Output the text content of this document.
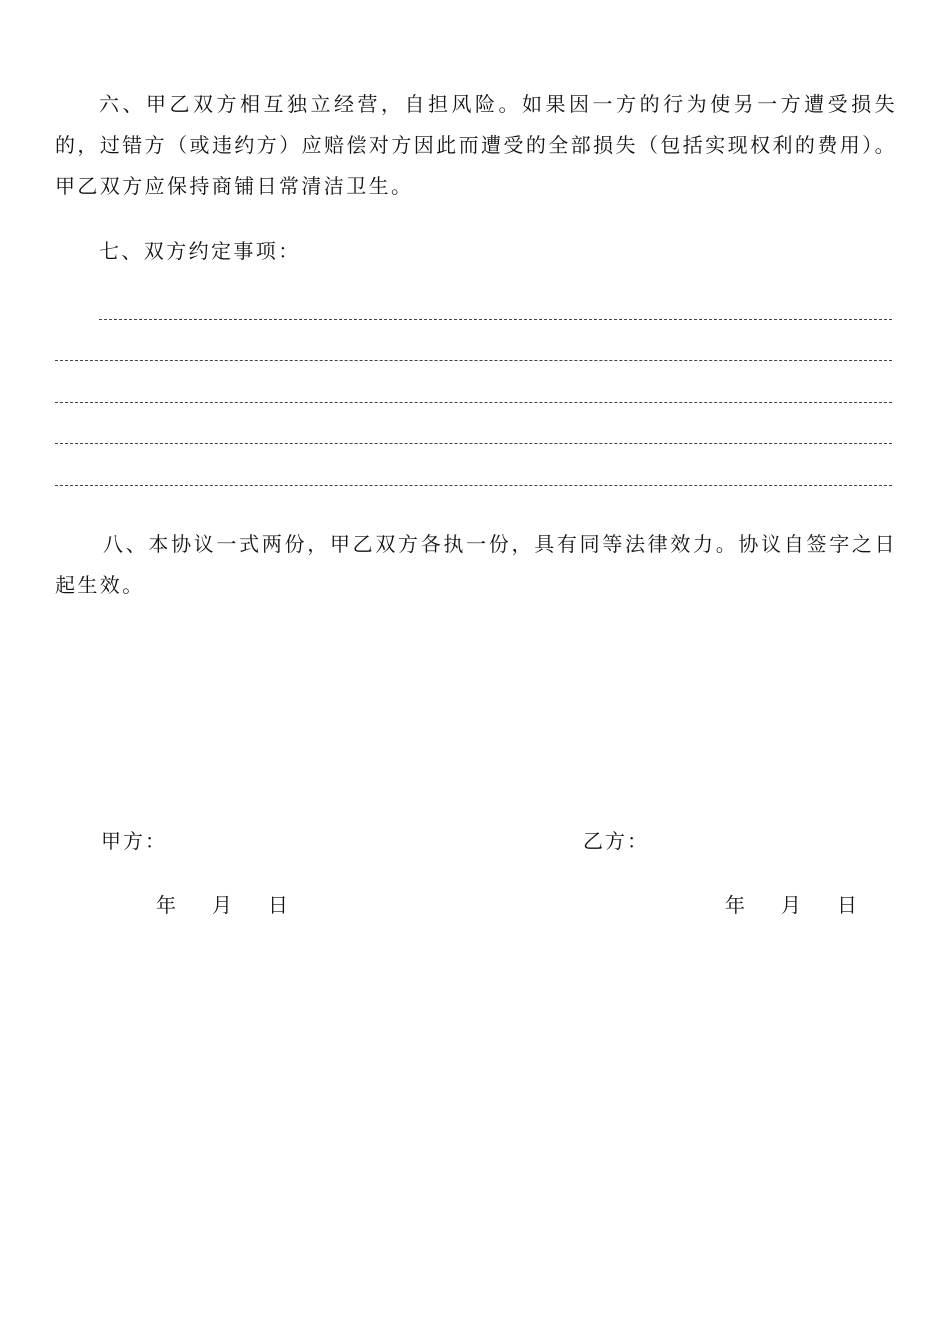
六、甲乙双方相互独立经营，自担风险。如果因一方的行为使另一方遭受损失的，过错方（或违约方）应赔偿对方因此而遭受的全部损失（包括实现权利的费用）。甲乙双方应保持商铺日常清洁卫生。

七、双方约定事项：

八、本协议一式两份，甲乙双方各执一份，具有同等法律效力。协议自签字之日起生效。

甲方：	乙方：
年 月 日	年 月 日
